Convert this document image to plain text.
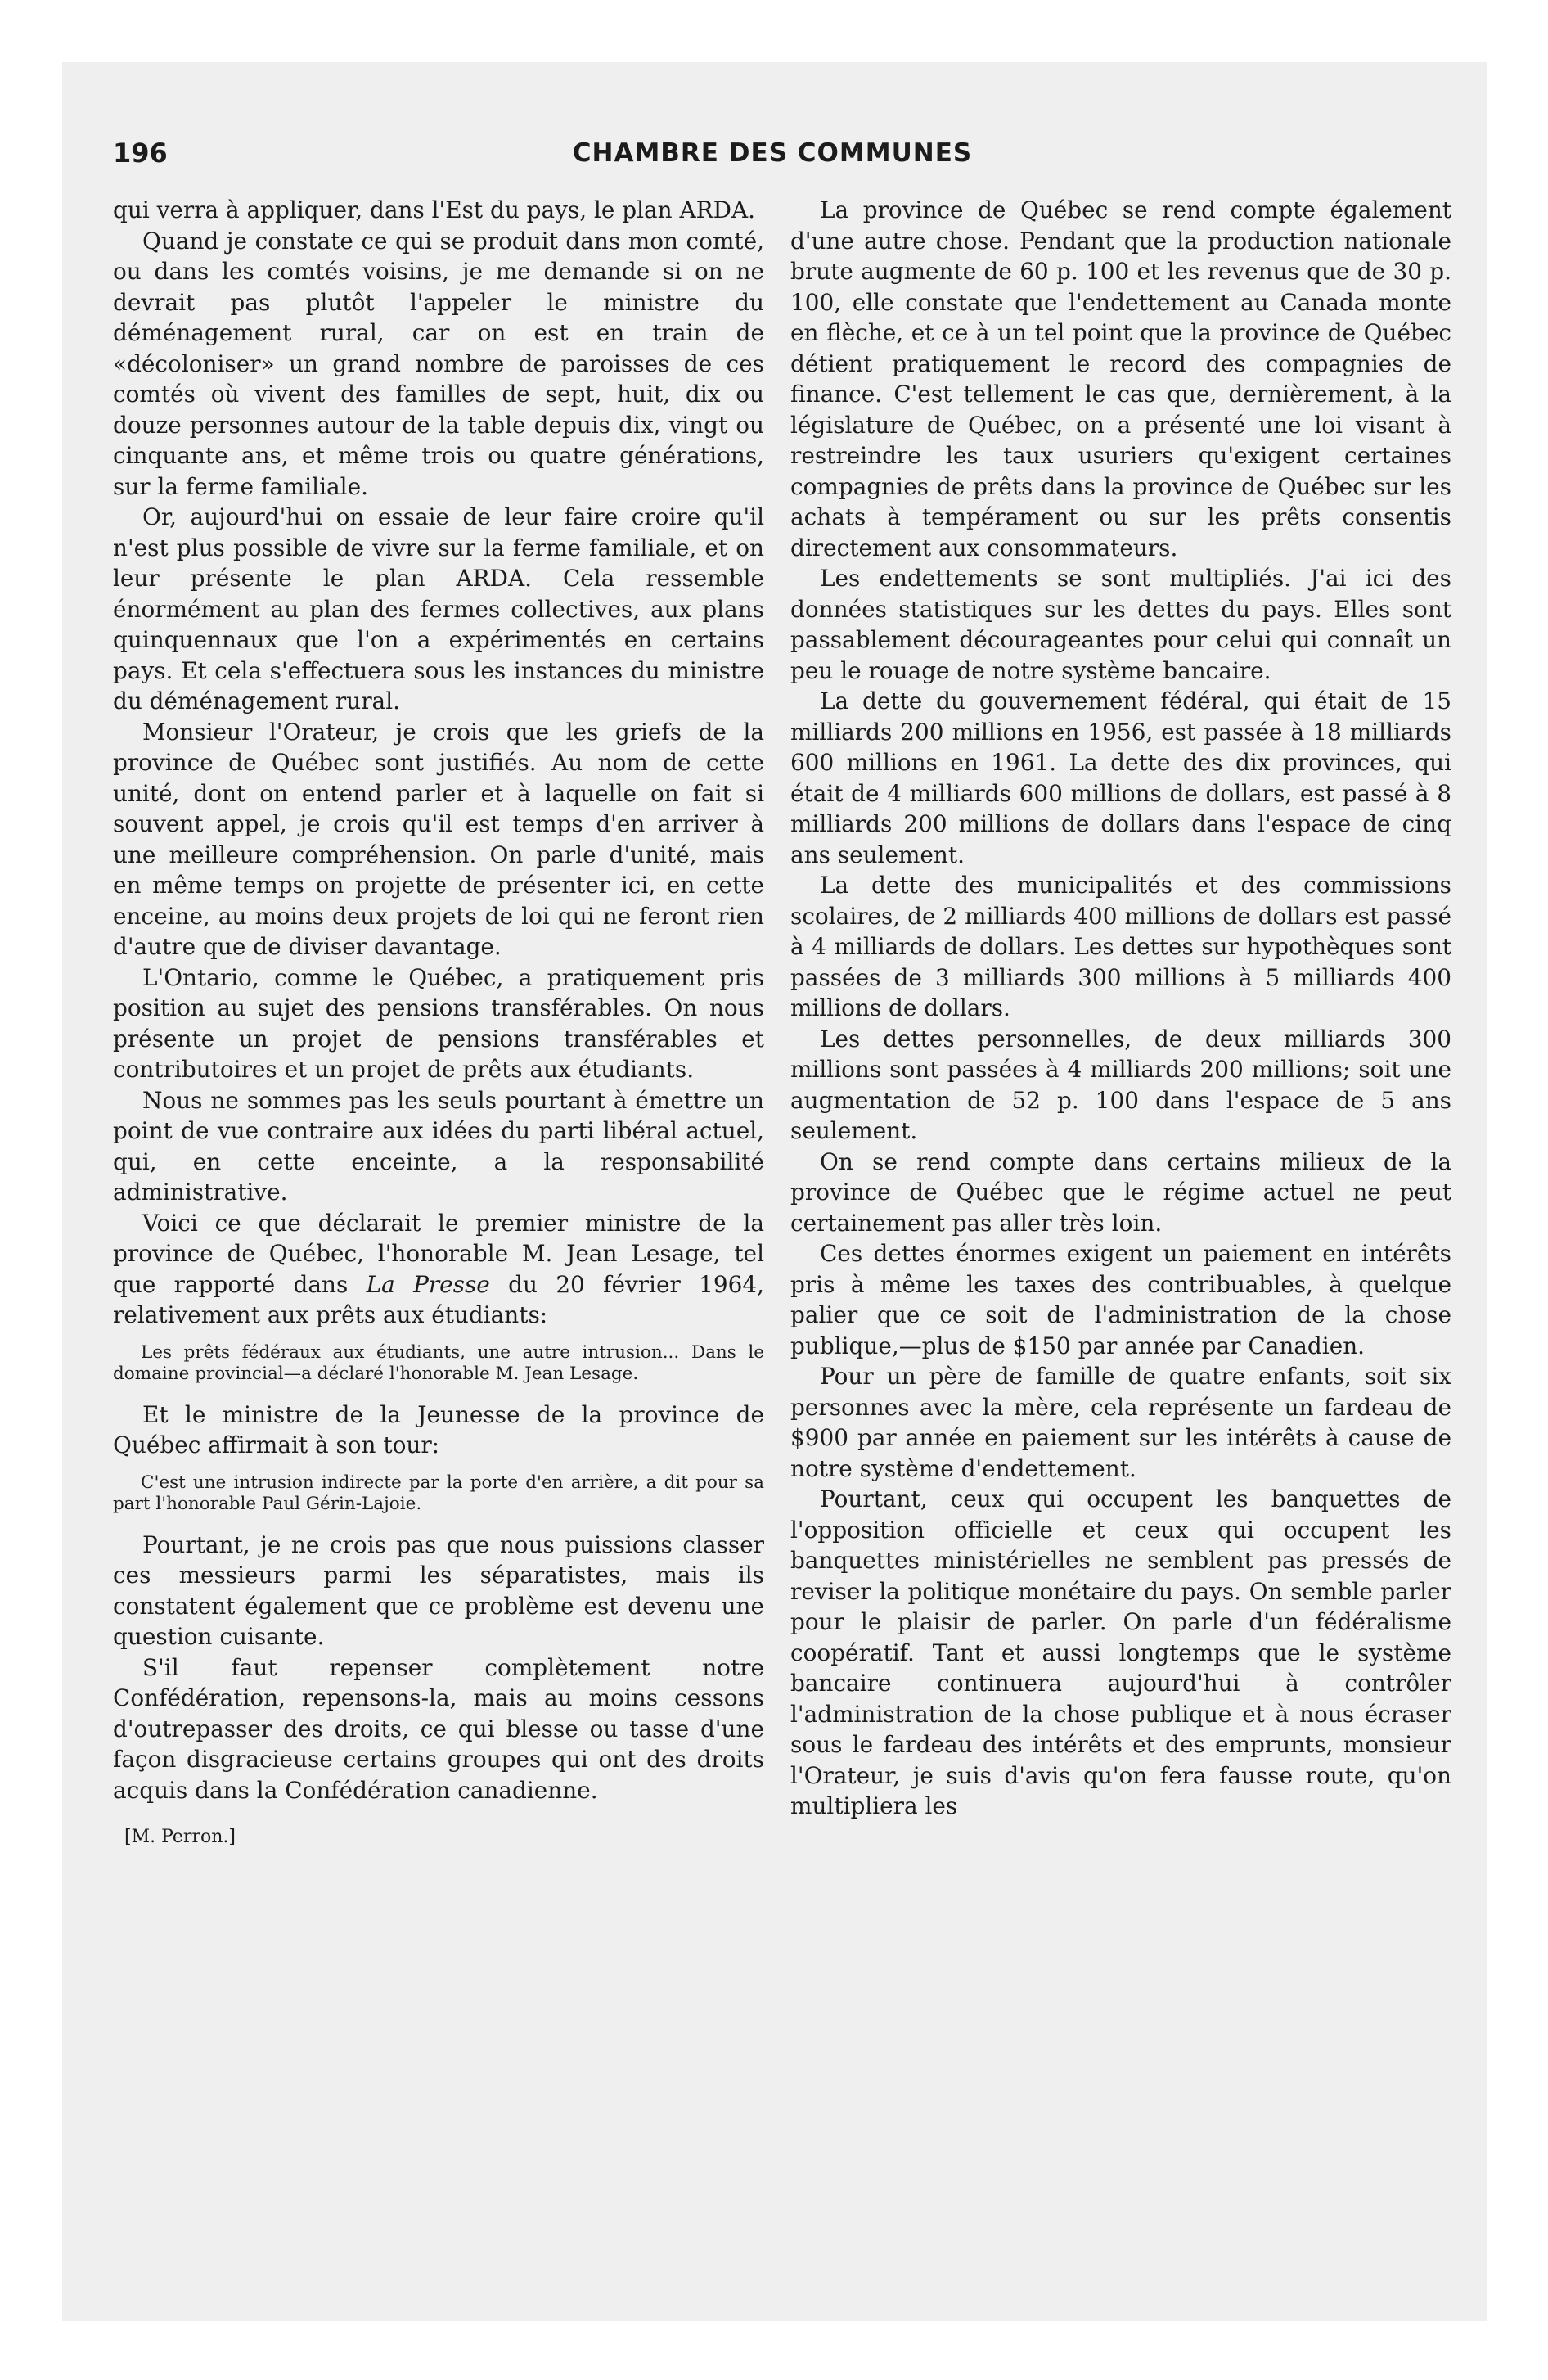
196	CHAMBRE DES COMMUNES

qui verra à appliquer, dans l'Est du pays, le plan ARDA.

Quand je constate ce qui se produit dans mon comté, ou dans les comtés voisins, je me demande si on ne devrait pas plutôt l'appeler le ministre du déménagement rural, car on est en train de «décoloniser» un grand nombre de paroisses de ces comtés où vivent des familles de sept, huit, dix ou douze personnes autour de la table depuis dix, vingt ou cinquante ans, et même trois ou quatre générations, sur la ferme familiale.

Or, aujourd'hui on essaie de leur faire croire qu'il n'est plus possible de vivre sur la ferme familiale, et on leur présente le plan ARDA. Cela ressemble énormément au plan des fermes collectives, aux plans quinquennaux que l'on a expérimentés en certains pays. Et cela s'effectuera sous les instances du ministre du déménagement rural.

Monsieur l'Orateur, je crois que les griefs de la province de Québec sont justifiés. Au nom de cette unité, dont on entend parler et à laquelle on fait si souvent appel, je crois qu'il est temps d'en arriver à une meilleure compréhension. On parle d'unité, mais en même temps on projette de présenter ici, en cette enceine, au moins deux projets de loi qui ne feront rien d'autre que de diviser davantage.

L'Ontario, comme le Québec, a pratiquement pris position au sujet des pensions transférables. On nous présente un projet de pensions transférables et contributoires et un projet de prêts aux étudiants.

Nous ne sommes pas les seuls pourtant à émettre un point de vue contraire aux idées du parti libéral actuel, qui, en cette enceinte, a la responsabilité administrative.

Voici ce que déclarait le premier ministre de la province de Québec, l'honorable M. Jean Lesage, tel que rapporté dans La Presse du 20 février 1964, relativement aux prêts aux étudiants:

Les prêts fédéraux aux étudiants, une autre intrusion... Dans le domaine provincial—a déclaré l'honorable M. Jean Lesage.

Et le ministre de la Jeunesse de la province de Québec affirmait à son tour:

C'est une intrusion indirecte par la porte d'en arrière, a dit pour sa part l'honorable Paul Gérin-Lajoie.

Pourtant, je ne crois pas que nous puissions classer ces messieurs parmi les séparatistes, mais ils constatent également que ce problème est devenu une question cuisante.

S'il faut repenser complètement notre Confédération, repensons-la, mais au moins cessons d'outrepasser des droits, ce qui blesse ou tasse d'une façon disgracieuse certains groupes qui ont des droits acquis dans la Confédération canadienne.

[M. Perron.]

La province de Québec se rend compte également d'une autre chose. Pendant que la production nationale brute augmente de 60 p. 100 et les revenus que de 30 p. 100, elle constate que l'endettement au Canada monte en flèche, et ce à un tel point que la province de Québec détient pratiquement le record des compagnies de finance. C'est tellement le cas que, dernièrement, à la législature de Québec, on a présenté une loi visant à restreindre les taux usuriers qu'exigent certaines compagnies de prêts dans la province de Québec sur les achats à tempérament ou sur les prêts consentis directement aux consommateurs.

Les endettements se sont multipliés. J'ai ici des données statistiques sur les dettes du pays. Elles sont passablement décourageantes pour celui qui connaît un peu le rouage de notre système bancaire.

La dette du gouvernement fédéral, qui était de 15 milliards 200 millions en 1956, est passée à 18 milliards 600 millions en 1961. La dette des dix provinces, qui était de 4 milliards 600 millions de dollars, est passé à 8 milliards 200 millions de dollars dans l'espace de cinq ans seulement.

La dette des municipalités et des commissions scolaires, de 2 milliards 400 millions de dollars est passé à 4 milliards de dollars. Les dettes sur hypothèques sont passées de 3 milliards 300 millions à 5 milliards 400 millions de dollars.

Les dettes personnelles, de deux milliards 300 millions sont passées à 4 milliards 200 millions; soit une augmentation de 52 p. 100 dans l'espace de 5 ans seulement.

On se rend compte dans certains milieux de la province de Québec que le régime actuel ne peut certainement pas aller très loin.

Ces dettes énormes exigent un paiement en intérêts pris à même les taxes des contribuables, à quelque palier que ce soit de l'administration de la chose publique,—plus de $150 par année par Canadien.

Pour un père de famille de quatre enfants, soit six personnes avec la mère, cela représente un fardeau de $900 par année en paiement sur les intérêts à cause de notre système d'endettement.

Pourtant, ceux qui occupent les banquettes de l'opposition officielle et ceux qui occupent les banquettes ministérielles ne semblent pas pressés de reviser la politique monétaire du pays. On semble parler pour le plaisir de parler. On parle d'un fédéralisme coopératif. Tant et aussi longtemps que le système bancaire continuera aujourd'hui à contrôler l'administration de la chose publique et à nous écraser sous le fardeau des intérêts et des emprunts, monsieur l'Orateur, je suis d'avis qu'on fera fausse route, qu'on multipliera les
